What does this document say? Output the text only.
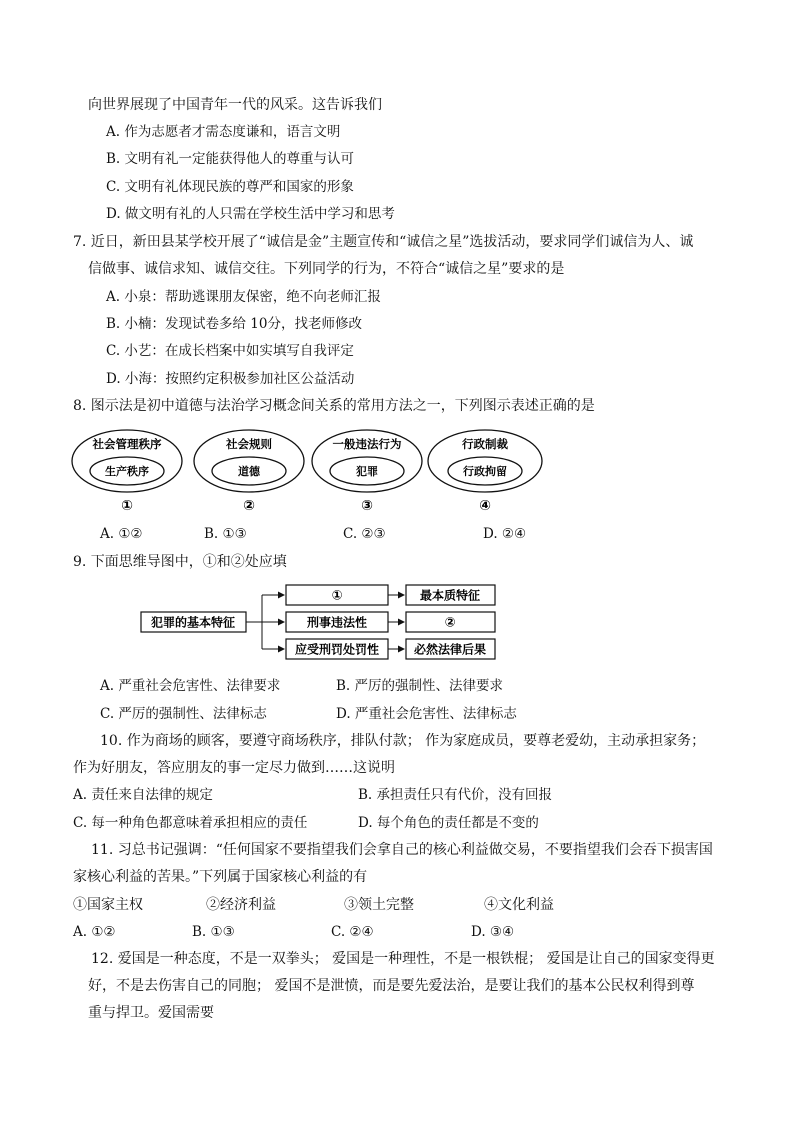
向世界展现了中国青年一代的风采。这告诉我们
A. 作为志愿者才需态度谦和，语言文明
B. 文明有礼一定能获得他人的尊重与认可
C. 文明有礼体现民族的尊严和国家的形象
D. 做文明有礼的人只需在学校生活中学习和思考
7. 近日，新田县某学校开展了“诚信是金”主题宣传和“诚信之星”选拔活动，要求同学们诚信为人、诚
信做事、诚信求知、诚信交往。下列同学的行为，不符合“诚信之星”要求的是
A. 小泉：帮助逃课朋友保密，绝不向老师汇报
B. 小楠：发现试卷多给 10分，找老师修改
C. 小艺：在成长档案中如实填写自我评定
D. 小海：按照约定积极参加社区公益活动
8. 图示法是初中道德与法治学习概念间关系的常用方法之一，下列图示表述正确的是
社会管理秩序
生产秩序
①
社会规则
道德
②
一般违法行为
犯罪
③
行政制裁
行政拘留
④
A. ①②	B. ①③	C. ②③	D. ②④
9. 下面思维导图中，①和②处应填
犯罪的基本特征
①
刑事违法性
应受刑罚处罚性
最本质特征
②
必然法律后果
A. 严重社会危害性、法律要求	B. 严厉的强制性、法律要求
C. 严厉的强制性、法律标志	D. 严重社会危害性、法律标志
10. 作为商场的顾客，要遵守商场秩序，排队付款； 作为家庭成员，要尊老爱幼，主动承担家务；
作为好朋友，答应朋友的事一定尽力做到……这说明
A. 责任来自法律的规定	B. 承担责任只有代价，没有回报
C. 每一种角色都意味着承担相应的责任	D. 每个角色的责任都是不变的
11. 习总书记强调：“任何国家不要指望我们会拿自己的核心利益做交易，不要指望我们会吞下损害国
家核心利益的苦果。”下列属于国家核心利益的有
①国家主权	②经济利益	③领土完整	④文化利益
A. ①②	B. ①③	C. ②④	D. ③④
12. 爱国是一种态度，不是一双拳头； 爱国是一种理性，不是一根铁棍； 爱国是让自己的国家变得更
好，不是去伤害自己的同胞； 爱国不是泄愤，而是要先爱法治，是要让我们的基本公民权利得到尊
重与捍卫。爱国需要
